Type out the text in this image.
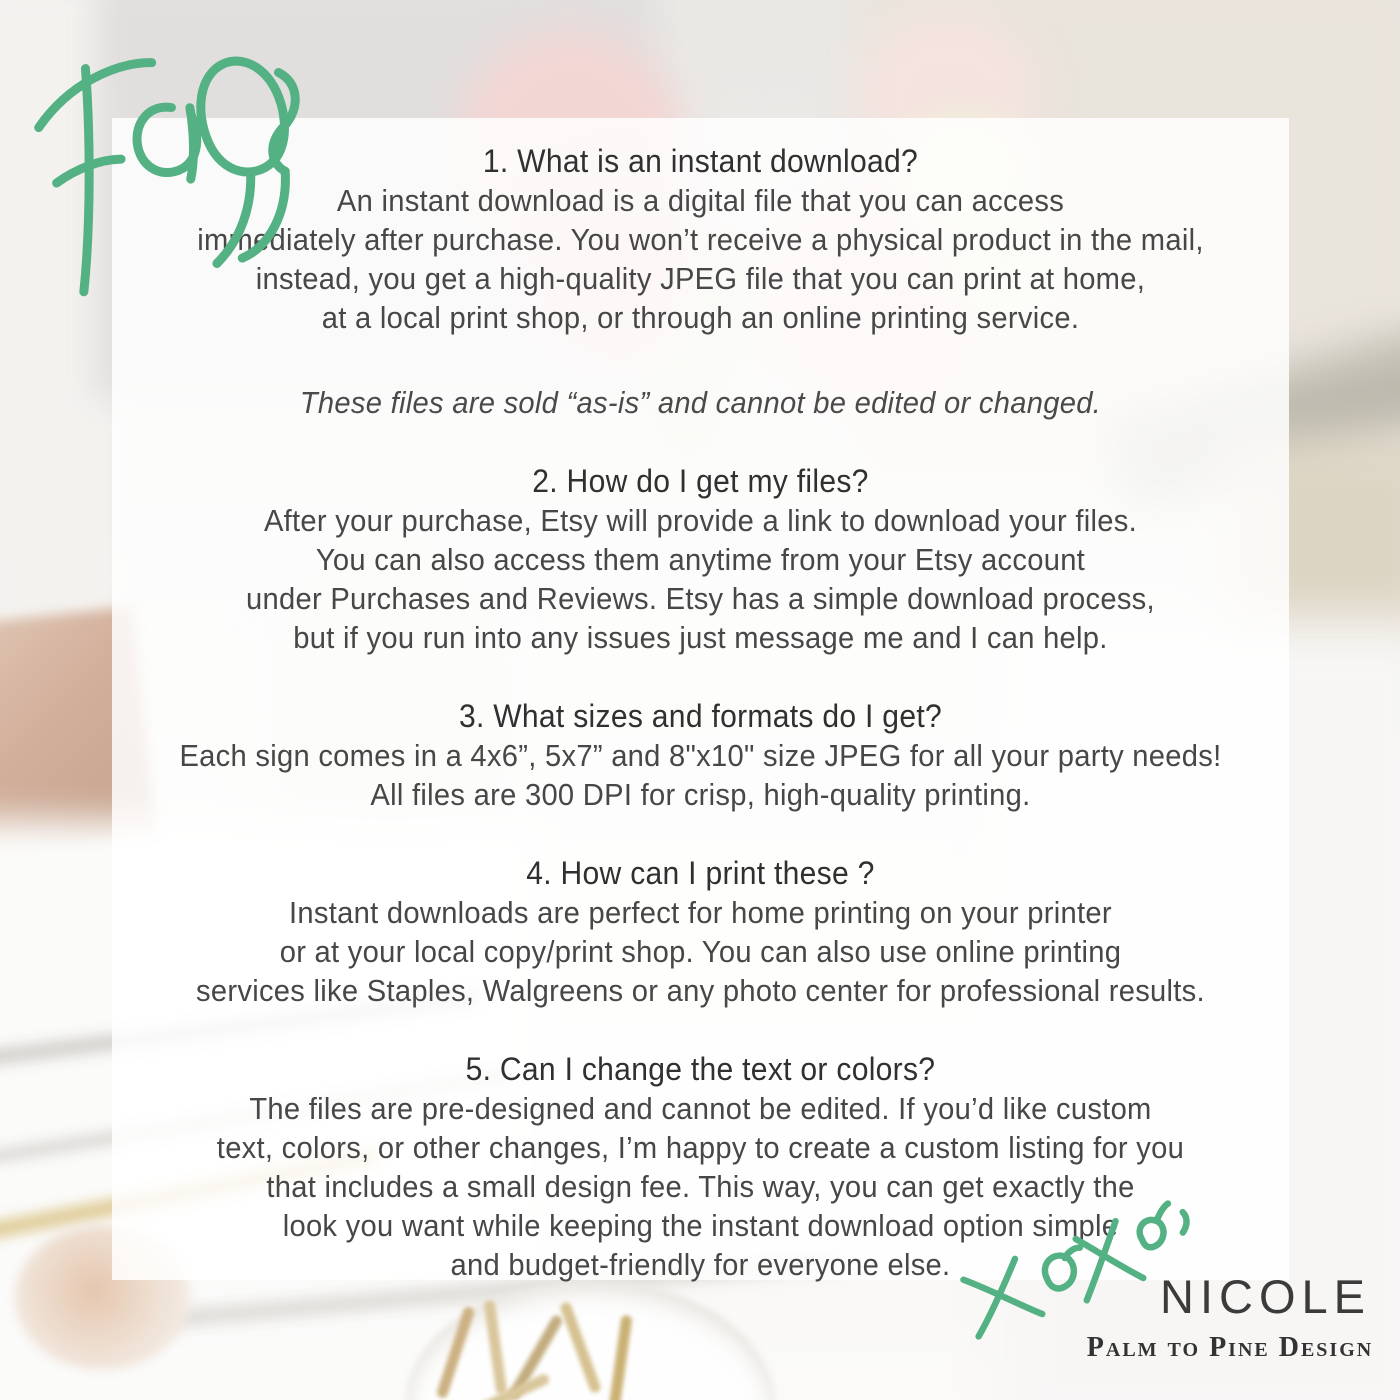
1. What is an instant download?
An instant download is a digital file that you can access
immediately after purchase. You won’t receive a physical product in the mail,
instead, you get a high-quality JPEG file that you can print at home,
at a local print shop, or through an online printing service.
These files are sold “as-is” and cannot be edited or changed.
2. How do I get my files?
After your purchase, Etsy will provide a link to download your files.
You can also access them anytime from your Etsy account
under Purchases and Reviews. Etsy has a simple download process,
but if you run into any issues just message me and I can help.
3. What sizes and formats do I get?
Each sign comes in a 4x6”, 5x7” and 8"x10" size JPEG for all your party needs!
All files are 300 DPI for crisp, high-quality printing.
4. How can I print these ?
Instant downloads are perfect for home printing on your printer
or at your local copy/print shop. You can also use online printing
services like Staples, Walgreens or any photo center for professional results.
5. Can I change the text or colors?
The files are pre-designed and cannot be edited. If you’d like custom
text, colors, or other changes, I’m happy to create a custom listing for you
that includes a small design fee. This way, you can get exactly the
look you want while keeping the instant download option simple
and budget-friendly for everyone else.
NICOLE
Palm to Pine Design
